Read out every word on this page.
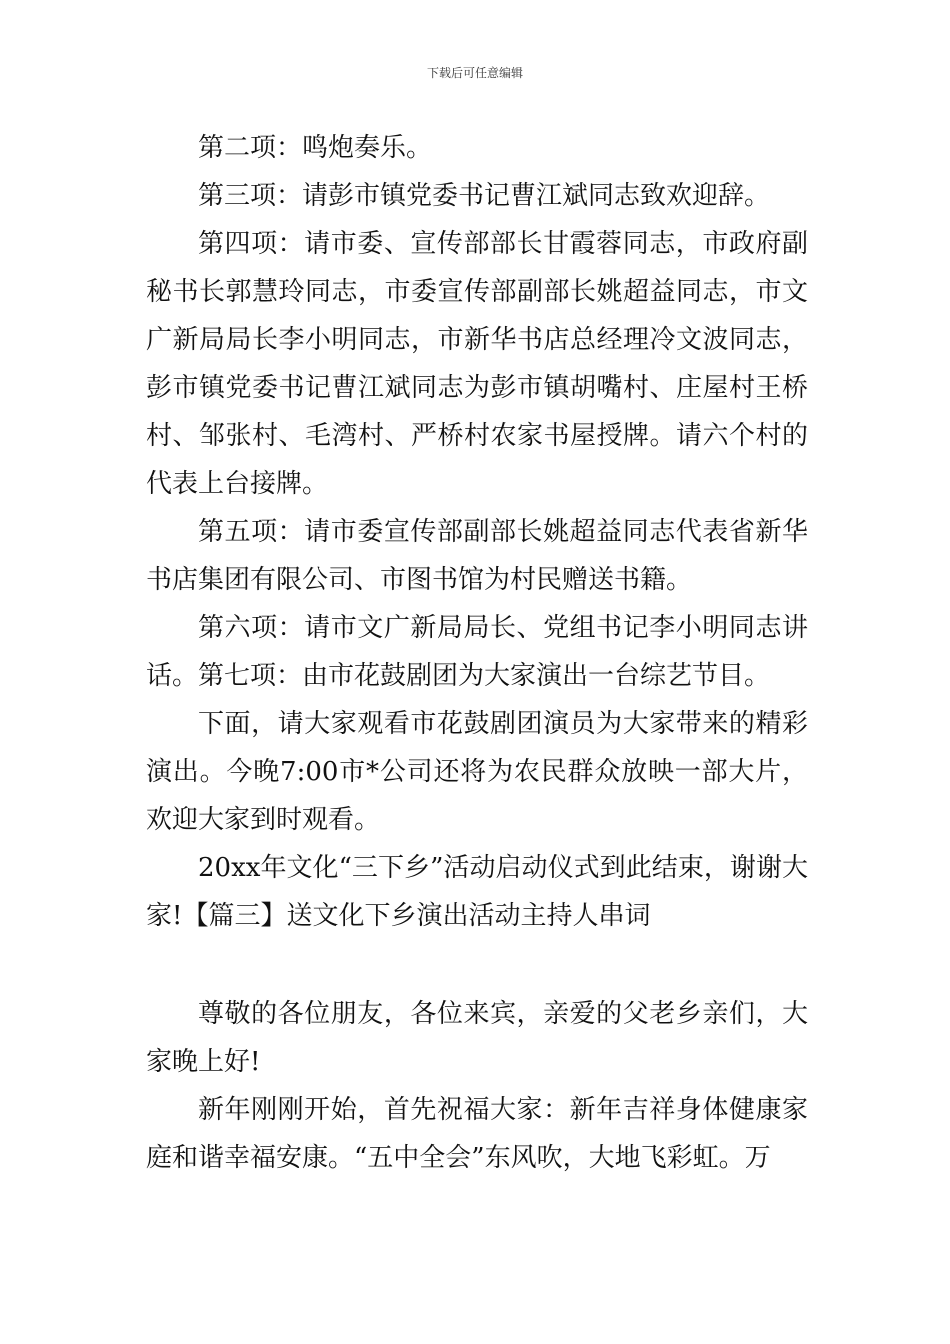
下载后可任意编辑

第二项：鸣炮奏乐。

第三项：请彭市镇党委书记曹江斌同志致欢迎辞。

第四项：请市委、宣传部部长甘霞蓉同志，市政府副秘书长郭慧玲同志，市委宣传部副部长姚超益同志，市文广新局局长李小明同志，市新华书店总经理冷文波同志，彭市镇党委书记曹江斌同志为彭市镇胡嘴村、庄屋村王桥村、邹张村、毛湾村、严桥村农家书屋授牌。请六个村的代表上台接牌。

第五项：请市委宣传部副部长姚超益同志代表省新华书店集团有限公司、市图书馆为村民赠送书籍。

第六项：请市文广新局局长、党组书记李小明同志讲话。第七项：由市花鼓剧团为大家演出一台综艺节目。

下面，请大家观看市花鼓剧团演员为大家带来的精彩演出。今晚7:00市*公司还将为农民群众放映一部大片，欢迎大家到时观看。

20xx年文化“三下乡”活动启动仪式到此结束，谢谢大家!【篇三】送文化下乡演出活动主持人串词

尊敬的各位朋友，各位来宾，亲爱的父老乡亲们，大家晚上好!

新年刚刚开始，首先祝福大家：新年吉祥身体健康家庭和谐幸福安康。“五中全会”东风吹，大地飞彩虹。万
